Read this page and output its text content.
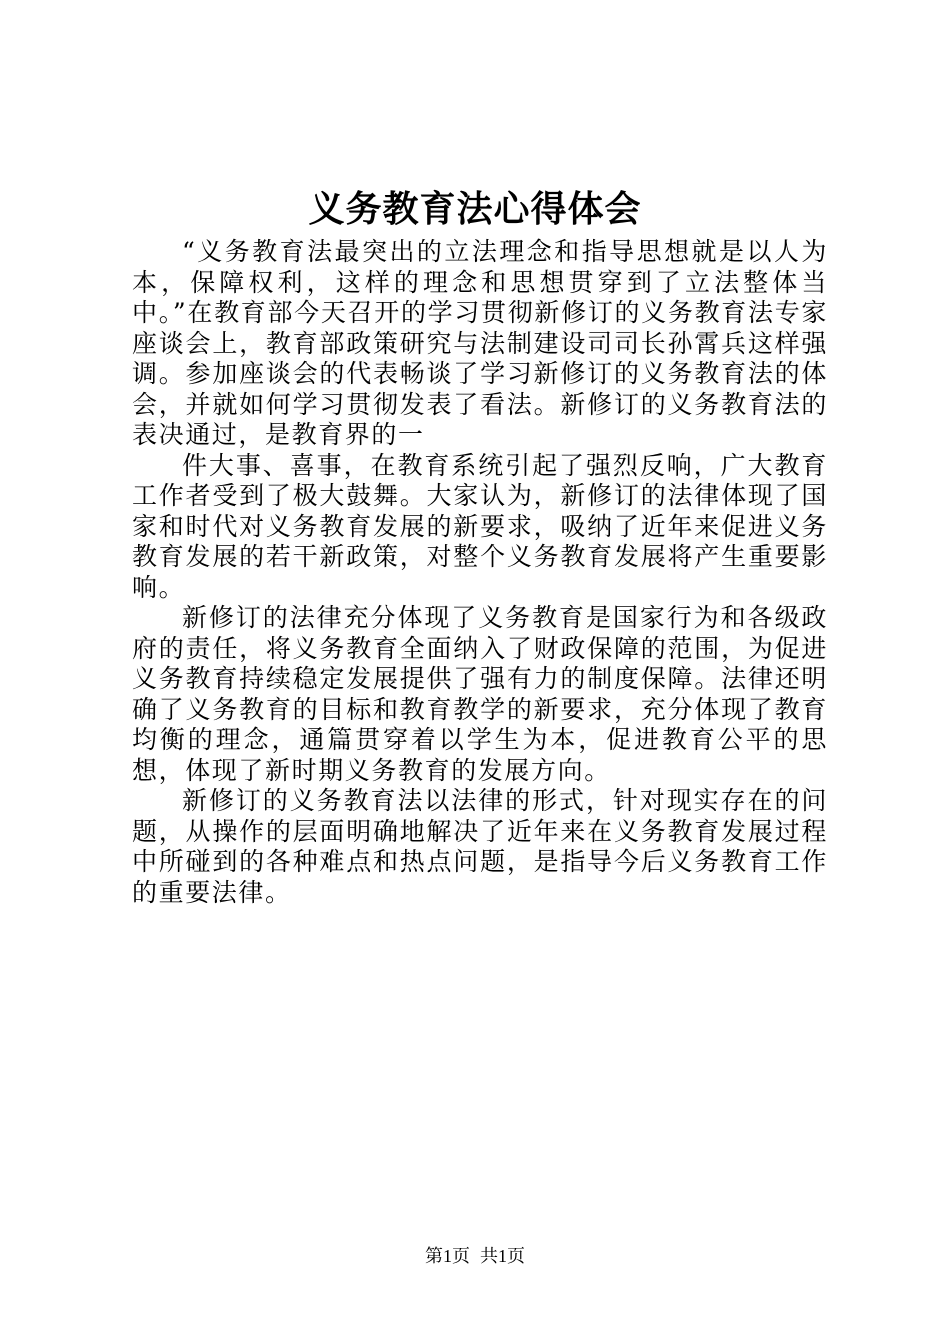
义务教育法心得体会

“义务教育法最突出的立法理念和指导思想就是以人为本，保障权利，这样的理念和思想贯穿到了立法整体当中。”在教育部今天召开的学习贯彻新修订的义务教育法专家座谈会上，教育部政策研究与法制建设司司长孙霄兵这样强调。参加座谈会的代表畅谈了学习新修订的义务教育法的体会，并就如何学习贯彻发表了看法。新修订的义务教育法的表决通过，是教育界的一

件大事、喜事，在教育系统引起了强烈反响，广大教育工作者受到了极大鼓舞。大家认为，新修订的法律体现了国家和时代对义务教育发展的新要求，吸纳了近年来促进义务教育发展的若干新政策，对整个义务教育发展将产生重要影响。

新修订的法律充分体现了义务教育是国家行为和各级政府的责任，将义务教育全面纳入了财政保障的范围，为促进义务教育持续稳定发展提供了强有力的制度保障。法律还明确了义务教育的目标和教育教学的新要求，充分体现了教育均衡的理念，通篇贯穿着以学生为本，促进教育公平的思想，体现了新时期义务教育的发展方向。

新修订的义务教育法以法律的形式，针对现实存在的问题，从操作的层面明确地解决了近年来在义务教育发展过程中所碰到的各种难点和热点问题，是指导今后义务教育工作的重要法律。

第1页 共1页
